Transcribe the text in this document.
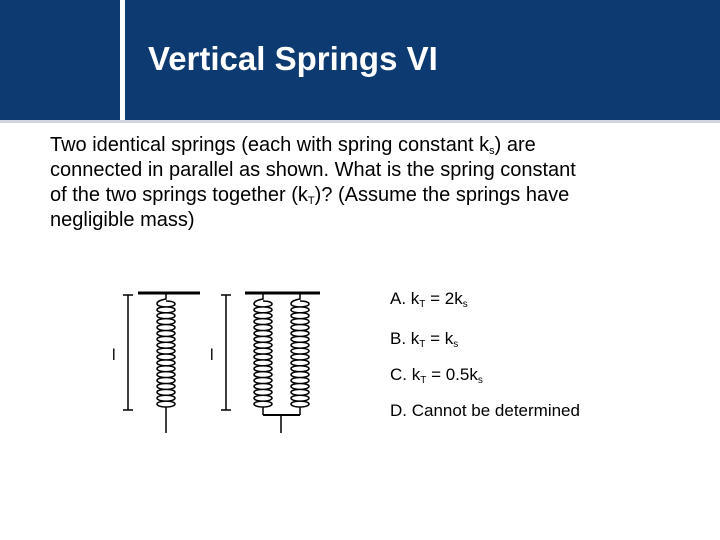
Vertical Springs VI
Two identical springs (each with spring constant $k_s$) are
connected in parallel as shown. What is the spring constant
of the two springs together $(k_T)$? (Assume the springs have
negligible mass)
l	l
A. $k_T = 2k_s$
B. $k_T = k_s$
C. $k_T = 0.5k_s$
D. Cannot be determined
